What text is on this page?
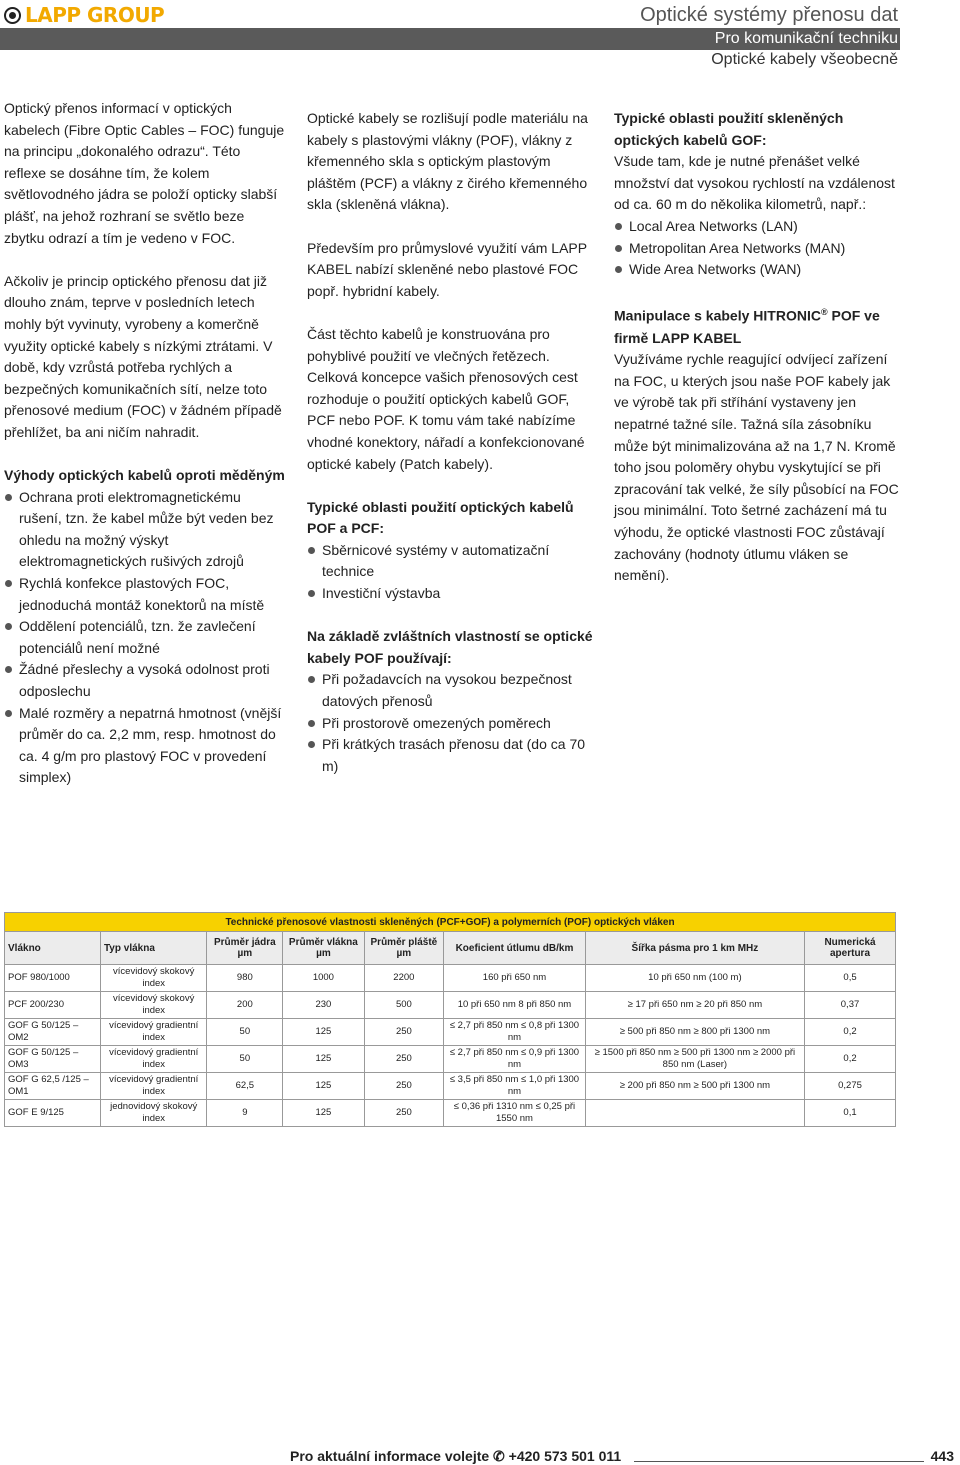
LAPP GROUP	Optické systémy přenosu dat
Pro komunikační techniku
Optické kabely všeobecně

Optický přenos informací v optických kabelech (Fibre Optic Cables – FOC) funguje na principu „dokonalého odrazu“. Této reflexe se dosáhne tím, že kolem světlovodného jádra se položí opticky slabší plášť, na jehož rozhraní se světlo beze zbytku odrazí a tím je vedeno v FOC.

Ačkoliv je princip optického přenosu dat již dlouho znám, teprve v posledních letech mohly být vyvinuty, vyrobeny a komerčně využity optické kabely s nízkými ztrátami. V době, kdy vzrůstá potřeba rychlých a bezpečných komunikačních sítí, nelze toto přenosové medium (FOC) v žádném případě přehlížet, ba ani ničím nahradit.

Výhody optických kabelů oproti měděným
Ochrana proti elektromagnetickému rušení, tzn. že kabel může být veden bez ohledu na možný výskyt elektromagnetických rušivých zdrojů
Rychlá konfekce plastových FOC, jednoduchá montáž konektorů na místě
Oddělení potenciálů, tzn. že zavlečení potenciálů není možné
Žádné přeslechy a vysoká odolnost proti odposlechu
Malé rozměry a nepatrná hmotnost (vnější průměr do ca. 2,2 mm, resp. hmotnost do ca. 4 g/m pro plastový FOC v provedení simplex)

Optické kabely se rozlišují podle materiálu na kabely s plastovými vlákny (POF), vlákny z křemenného skla s optickým plastovým pláštěm (PCF) a vlákny z čirého křemenného skla (skleněná vlákna).

Především pro průmyslové využití vám LAPP KABEL nabízí skleněné nebo plastové FOC popř. hybridní kabely.

Část těchto kabelů je konstruována pro pohyblivé použití ve vlečných řetězech. Celková koncepce vašich přenosových cest rozhoduje o použití optických kabelů GOF, PCF nebo POF. K tomu vám také nabízíme vhodné konektory, nářadí a konfekcionované optické kabely (Patch kabely).

Typické oblasti použití optických kabelů POF a PCF:
Sběrnicové systémy v automatizační technice
Investiční výstavba
Na základě zvláštních vlastností se optické kabely POF používají:
Při požadavcích na vysokou bezpečnost datových přenosů
Při prostorově omezených poměrech
Při krátkých trasách přenosu dat (do ca 70 m)
Typické oblasti použití skleněných optických kabelů GOF:
Všude tam, kde je nutné přenášet velké množství dat vysokou rychlostí na vzdálenost od ca. 60 m do několika kilometrů, např.:
Local Area Networks (LAN)
Metropolitan Area Networks (MAN)
Wide Area Networks (WAN)
Manipulace s kabely HITRONIC® POF ve firmě LAPP KABEL
Využíváme rychle reagující odvíjecí zařízení na FOC, u kterých jsou naše POF kabely jak ve výrobě tak při stříhání vystaveny jen nepatrné tažné síle. Tažná síla zásobníku může být minimalizována až na 1,7 N. Kromě toho jsou poloměry ohybu vyskytující se při zpracování tak velké, že síly působící na FOC jsou minimální. Toto šetrné zacházení má tu výhodu, že optické vlastnosti FOC zůstávají zachovány (hodnoty útlumu vláken se nemění).
Technické přenosové vlastnosti skleněných (PCF+GOF) a polymerních (POF) optických vláken							
Vlákno	Typ vlákna	Průměr jádra µm	Průměr vlákna µm	Průměr pláště µm	Koeficient útlumu dB/km	Šířka pásma pro 1 km MHz	Numerická apertura
POF 980/1000	vícevidový skokový index	980	1000	2200	160 při 650 nm	10 při 650 nm (100 m)	0,5
PCF 200/230	vícevidový skokový index	200	230	500	10 při 650 nm 8 při 850 nm	≥ 17 při 650 nm ≥ 20 při 850 nm	0,37
GOF G 50/125 – OM2	vícevidový gradientní index	50	125	250	≤ 2,7 při 850 nm ≤ 0,8 při 1300 nm	≥ 500 při 850 nm ≥ 800 při 1300 nm	0,2
GOF G 50/125 – OM3	vícevidový gradientní index	50	125	250	≤ 2,7 při 850 nm ≤ 0,9 při 1300 nm	≥ 1500 při 850 nm ≥ 500 při 1300 nm ≥ 2000 při 850 nm (Laser)	0,2
GOF G 62,5 /125 – OM1	vícevidový gradientní index	62,5	125	250	≤ 3,5 při 850 nm ≤ 1,0 při 1300 nm	≥ 200 při 850 nm ≥ 500 při 1300 nm	0,275
GOF E 9/125	jednovidový skokový index	9	125	250	≤ 0,36 při 1310 nm ≤ 0,25 při 1550 nm		0,1
Pro aktuální informace volejte ✆ +420 573 501 011	443
